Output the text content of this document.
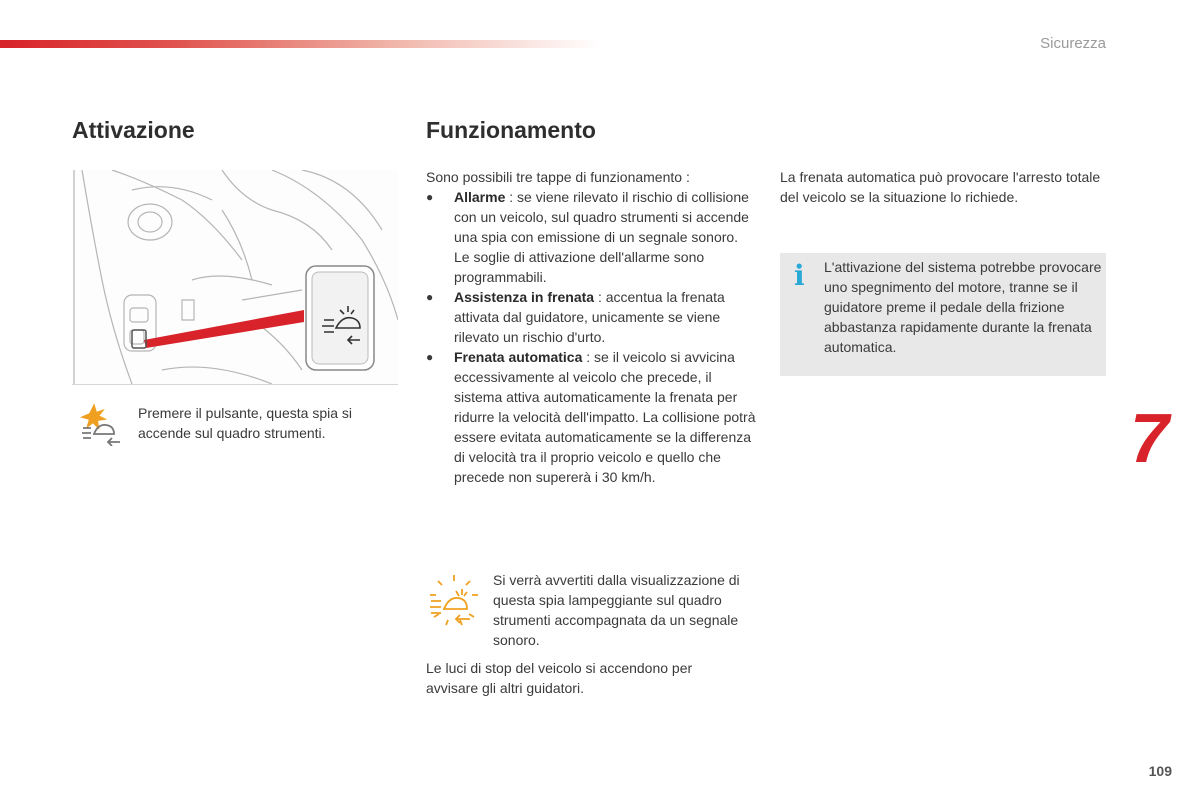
Sicurezza
Attivazione
Premere il pulsante, questa spia si accende sul quadro strumenti.
Funzionamento
Sono possibili tre tappe di funzionamento :
● Allarme : se viene rilevato il rischio di collisione con un veicolo, sul quadro strumenti si accende una spia con emissione di un segnale sonoro. Le soglie di attivazione dell'allarme sono programmabili.
● Assistenza in frenata : accentua la frenata attivata dal guidatore, unicamente se viene rilevato un rischio d'urto.
● Frenata automatica : se il veicolo si avvicina eccessivamente al veicolo che precede, il sistema attiva automaticamente la frenata per ridurre la velocità dell'impatto. La collisione potrà essere evitata automaticamente se la differenza di velocità tra il proprio veicolo e quello che precede non supererà i 30 km/h.
Si verrà avvertiti dalla visualizzazione di questa spia lampeggiante sul quadro strumenti accompagnata da un segnale sonoro.
Le luci di stop del veicolo si accendono per avvisare gli altri guidatori.
La frenata automatica può provocare l'arresto totale del veicolo se la situazione lo richiede.
i L'attivazione del sistema potrebbe provocare uno spegnimento del motore, tranne se il guidatore preme il pedale della frizione abbastanza rapidamente durante la frenata automatica.
7
109
